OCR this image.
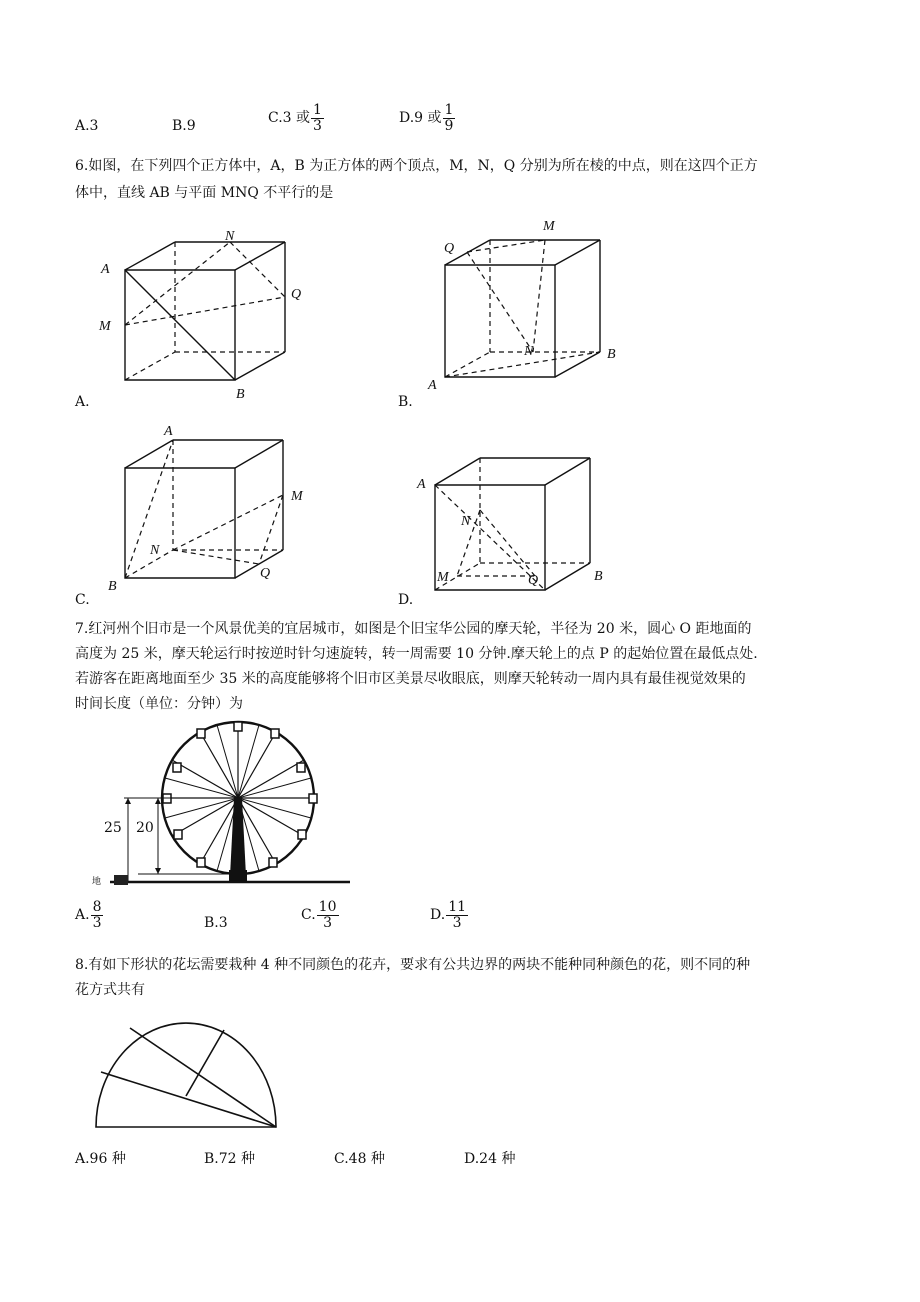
A.3	B.9	C.3 或 $\frac{1}{3}$	D.9 或 $\frac{1}{9}$
6.如图，在下列四个正方体中，A，B 为正方体的两个顶点，M，N，Q 分别为所在棱的中点，则在这四个正方
体中，直线 AB 与平面 MNQ 不平行的是
A
N
Q
M
B
A.
M
Q
N	B
A
B.
A
M
N
Q
B
C.
A
N
M	Q	B
D.
7.红河州个旧市是一个风景优美的宜居城市，如图是个旧宝华公园的摩天轮，半径为 20 米，圆心 O 距地面的
高度为 25 米，摩天轮运行时按逆时针匀速旋转，转一周需要 10 分钟.摩天轮上的点 P 的起始位置在最低点处.
若游客在距离地面至少 35 米的高度能够将个旧市区美景尽收眼底，则摩天轮转动一周内具有最佳视觉效果的
时间长度（单位：分钟）为
25 20
地
A. $\frac{8}{3}$	B.3	C. $\frac{10}{3}$	D. $\frac{11}{3}$
8.有如下形状的花坛需要栽种 4 种不同颜色的花卉，要求有公共边界的两块不能种同种颜色的花，则不同的种
花方式共有
A.96 种	B.72 种	C.48 种	D.24 种
